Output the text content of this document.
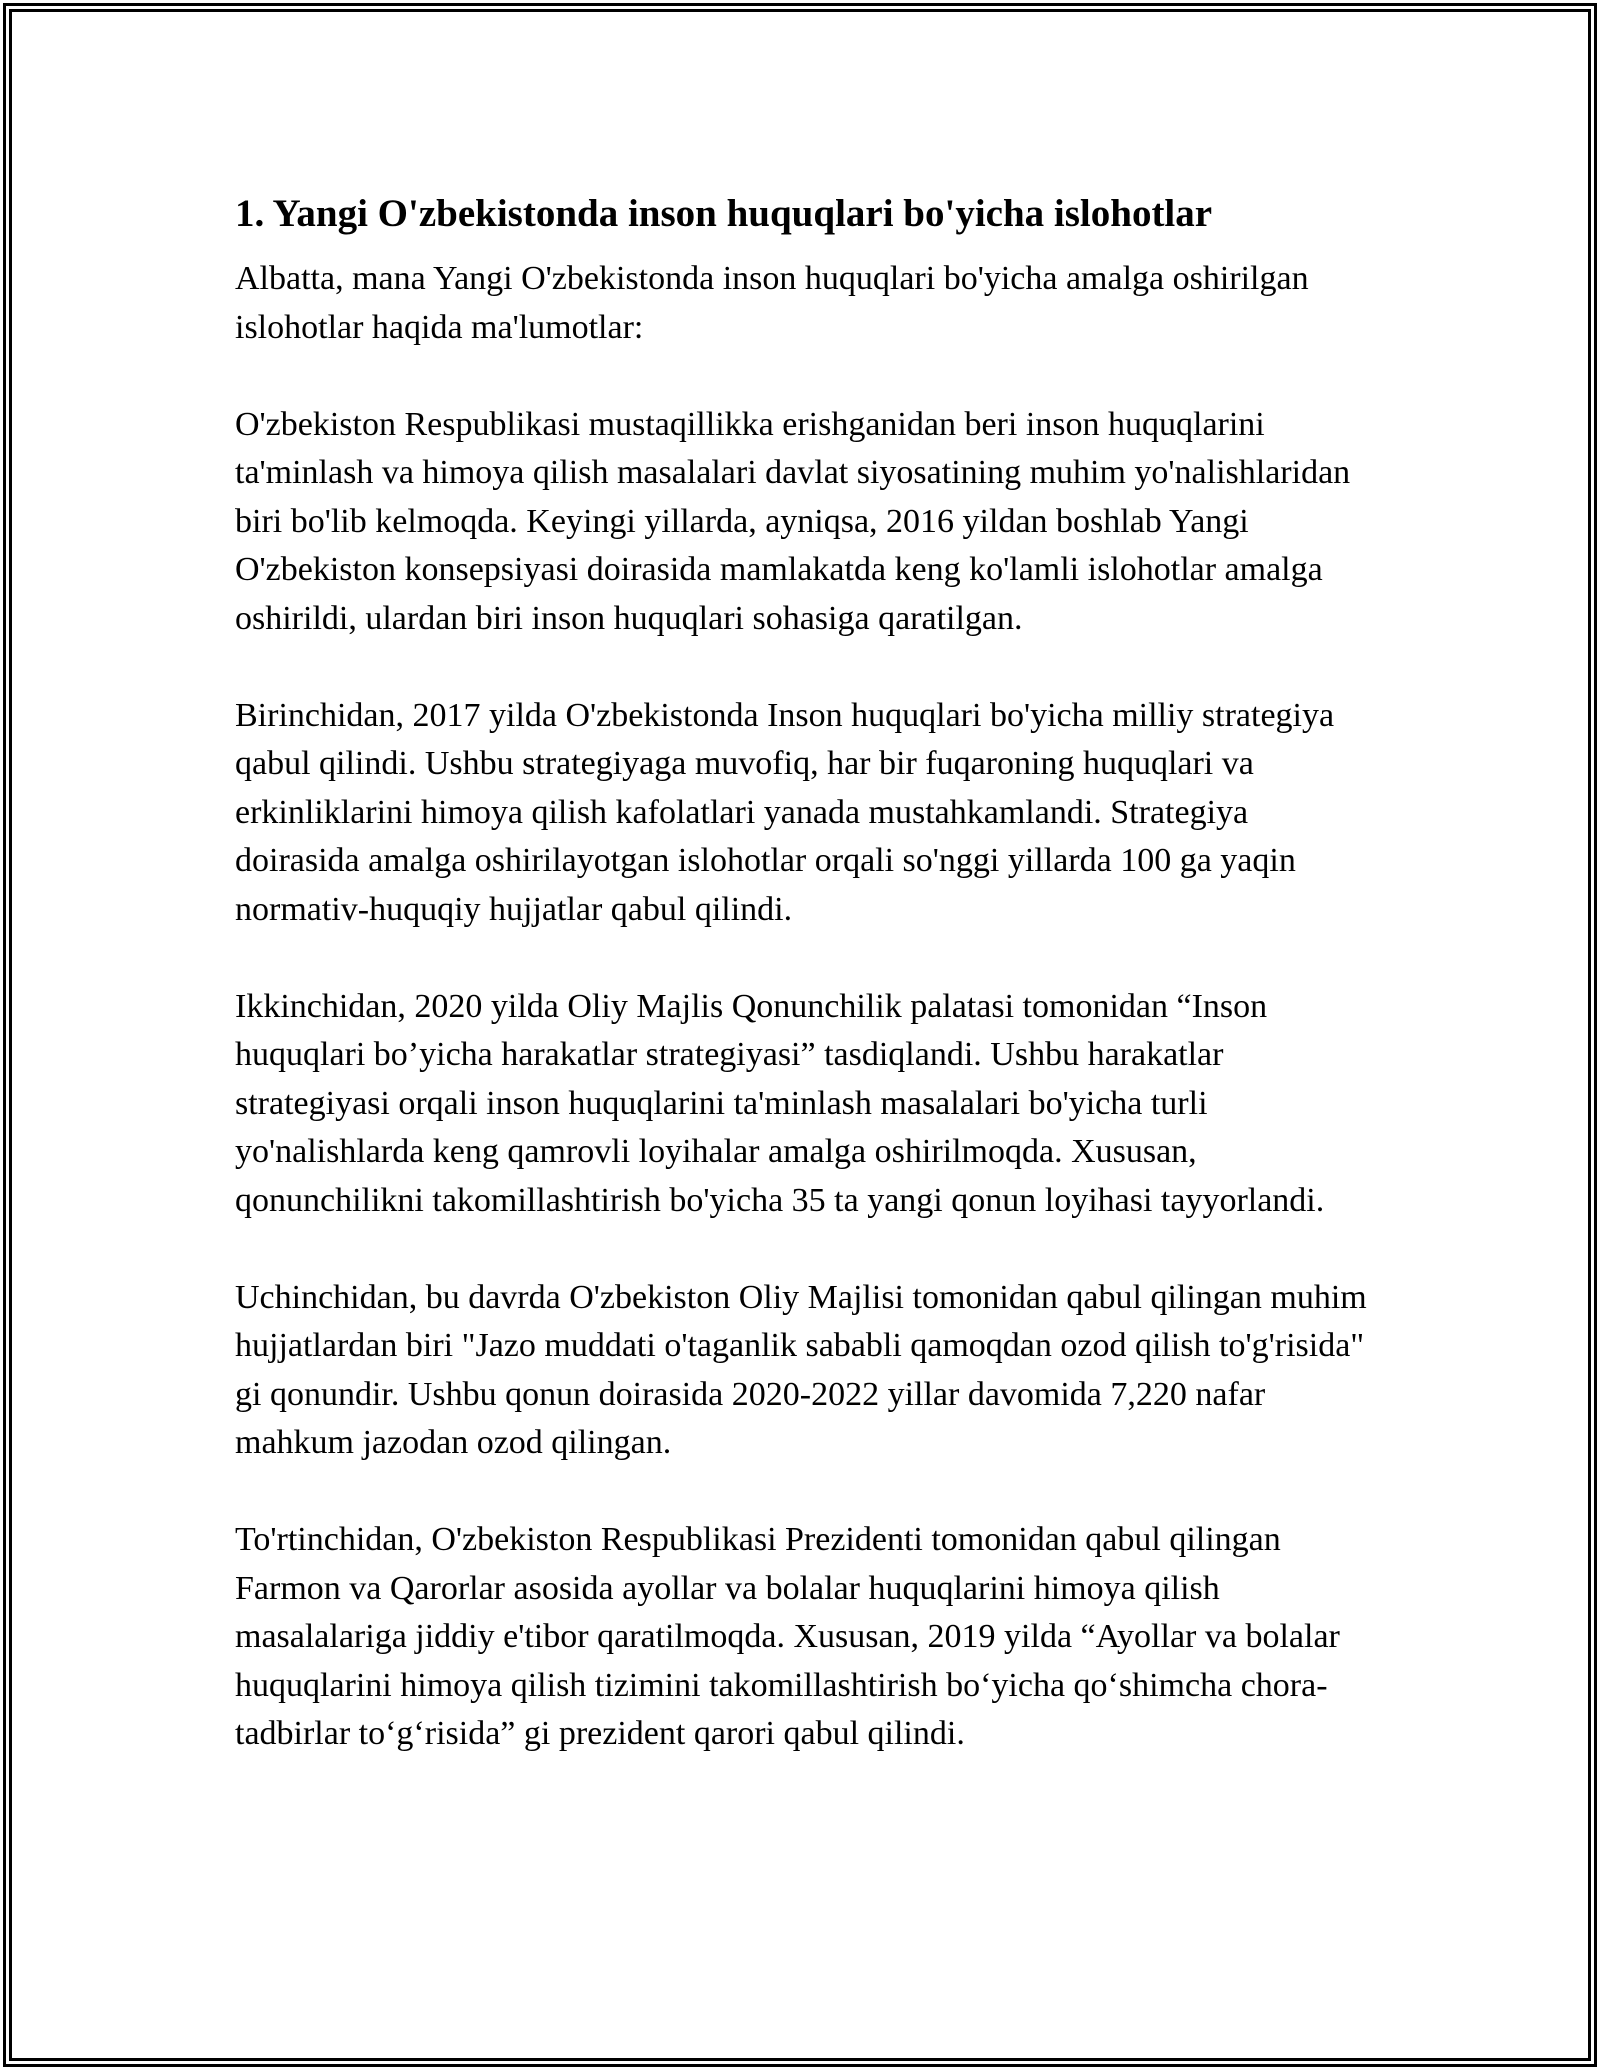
1. Yangi O'zbekistonda inson huquqlari bo'yicha islohotlar

Albatta, mana Yangi O'zbekistonda inson huquqlari bo'yicha amalga oshirilgan islohotlar haqida ma'lumotlar:

O'zbekiston Respublikasi mustaqillikka erishganidan beri inson huquqlarini ta'minlash va himoya qilish masalalari davlat siyosatining muhim yo'nalishlaridan biri bo'lib kelmoqda. Keyingi yillarda, ayniqsa, 2016 yildan boshlab Yangi O'zbekiston konsepsiyasi doirasida mamlakatda keng ko'lamli islohotlar amalga oshirildi, ulardan biri inson huquqlari sohasiga qaratilgan.

Birinchidan, 2017 yilda O'zbekistonda Inson huquqlari bo'yicha milliy strategiya qabul qilindi. Ushbu strategiyaga muvofiq, har bir fuqaroning huquqlari va erkinliklarini himoya qilish kafolatlari yanada mustahkamlandi. Strategiya doirasida amalga oshirilayotgan islohotlar orqali so'nggi yillarda 100 ga yaqin normativ-huquqiy hujjatlar qabul qilindi.

Ikkinchidan, 2020 yilda Oliy Majlis Qonunchilik palatasi tomonidan “Inson huquqlari bo’yicha harakatlar strategiyasi” tasdiqlandi. Ushbu harakatlar strategiyasi orqali inson huquqlarini ta'minlash masalalari bo'yicha turli yo'nalishlarda keng qamrovli loyihalar amalga oshirilmoqda. Xususan, qonunchilikni takomillashtirish bo'yicha 35 ta yangi qonun loyihasi tayyorlandi.

Uchinchidan, bu davrda O'zbekiston Oliy Majlisi tomonidan qabul qilingan muhim hujjatlardan biri "Jazo muddati o'taganlik sababli qamoqdan ozod qilish to'g'risida" gi qonundir. Ushbu qonun doirasida 2020-2022 yillar davomida 7,220 nafar mahkum jazodan ozod qilingan.

To'rtinchidan, O'zbekiston Respublikasi Prezidenti tomonidan qabul qilingan Farmon va Qarorlar asosida ayollar va bolalar huquqlarini himoya qilish masalalariga jiddiy e'tibor qaratilmoqda. Xususan, 2019 yilda “Ayollar va bolalar huquqlarini himoya qilish tizimini takomillashtirish bo‘yicha qo‘shimcha chora-tadbirlar to‘g‘risida” gi prezident qarori qabul qilindi.
